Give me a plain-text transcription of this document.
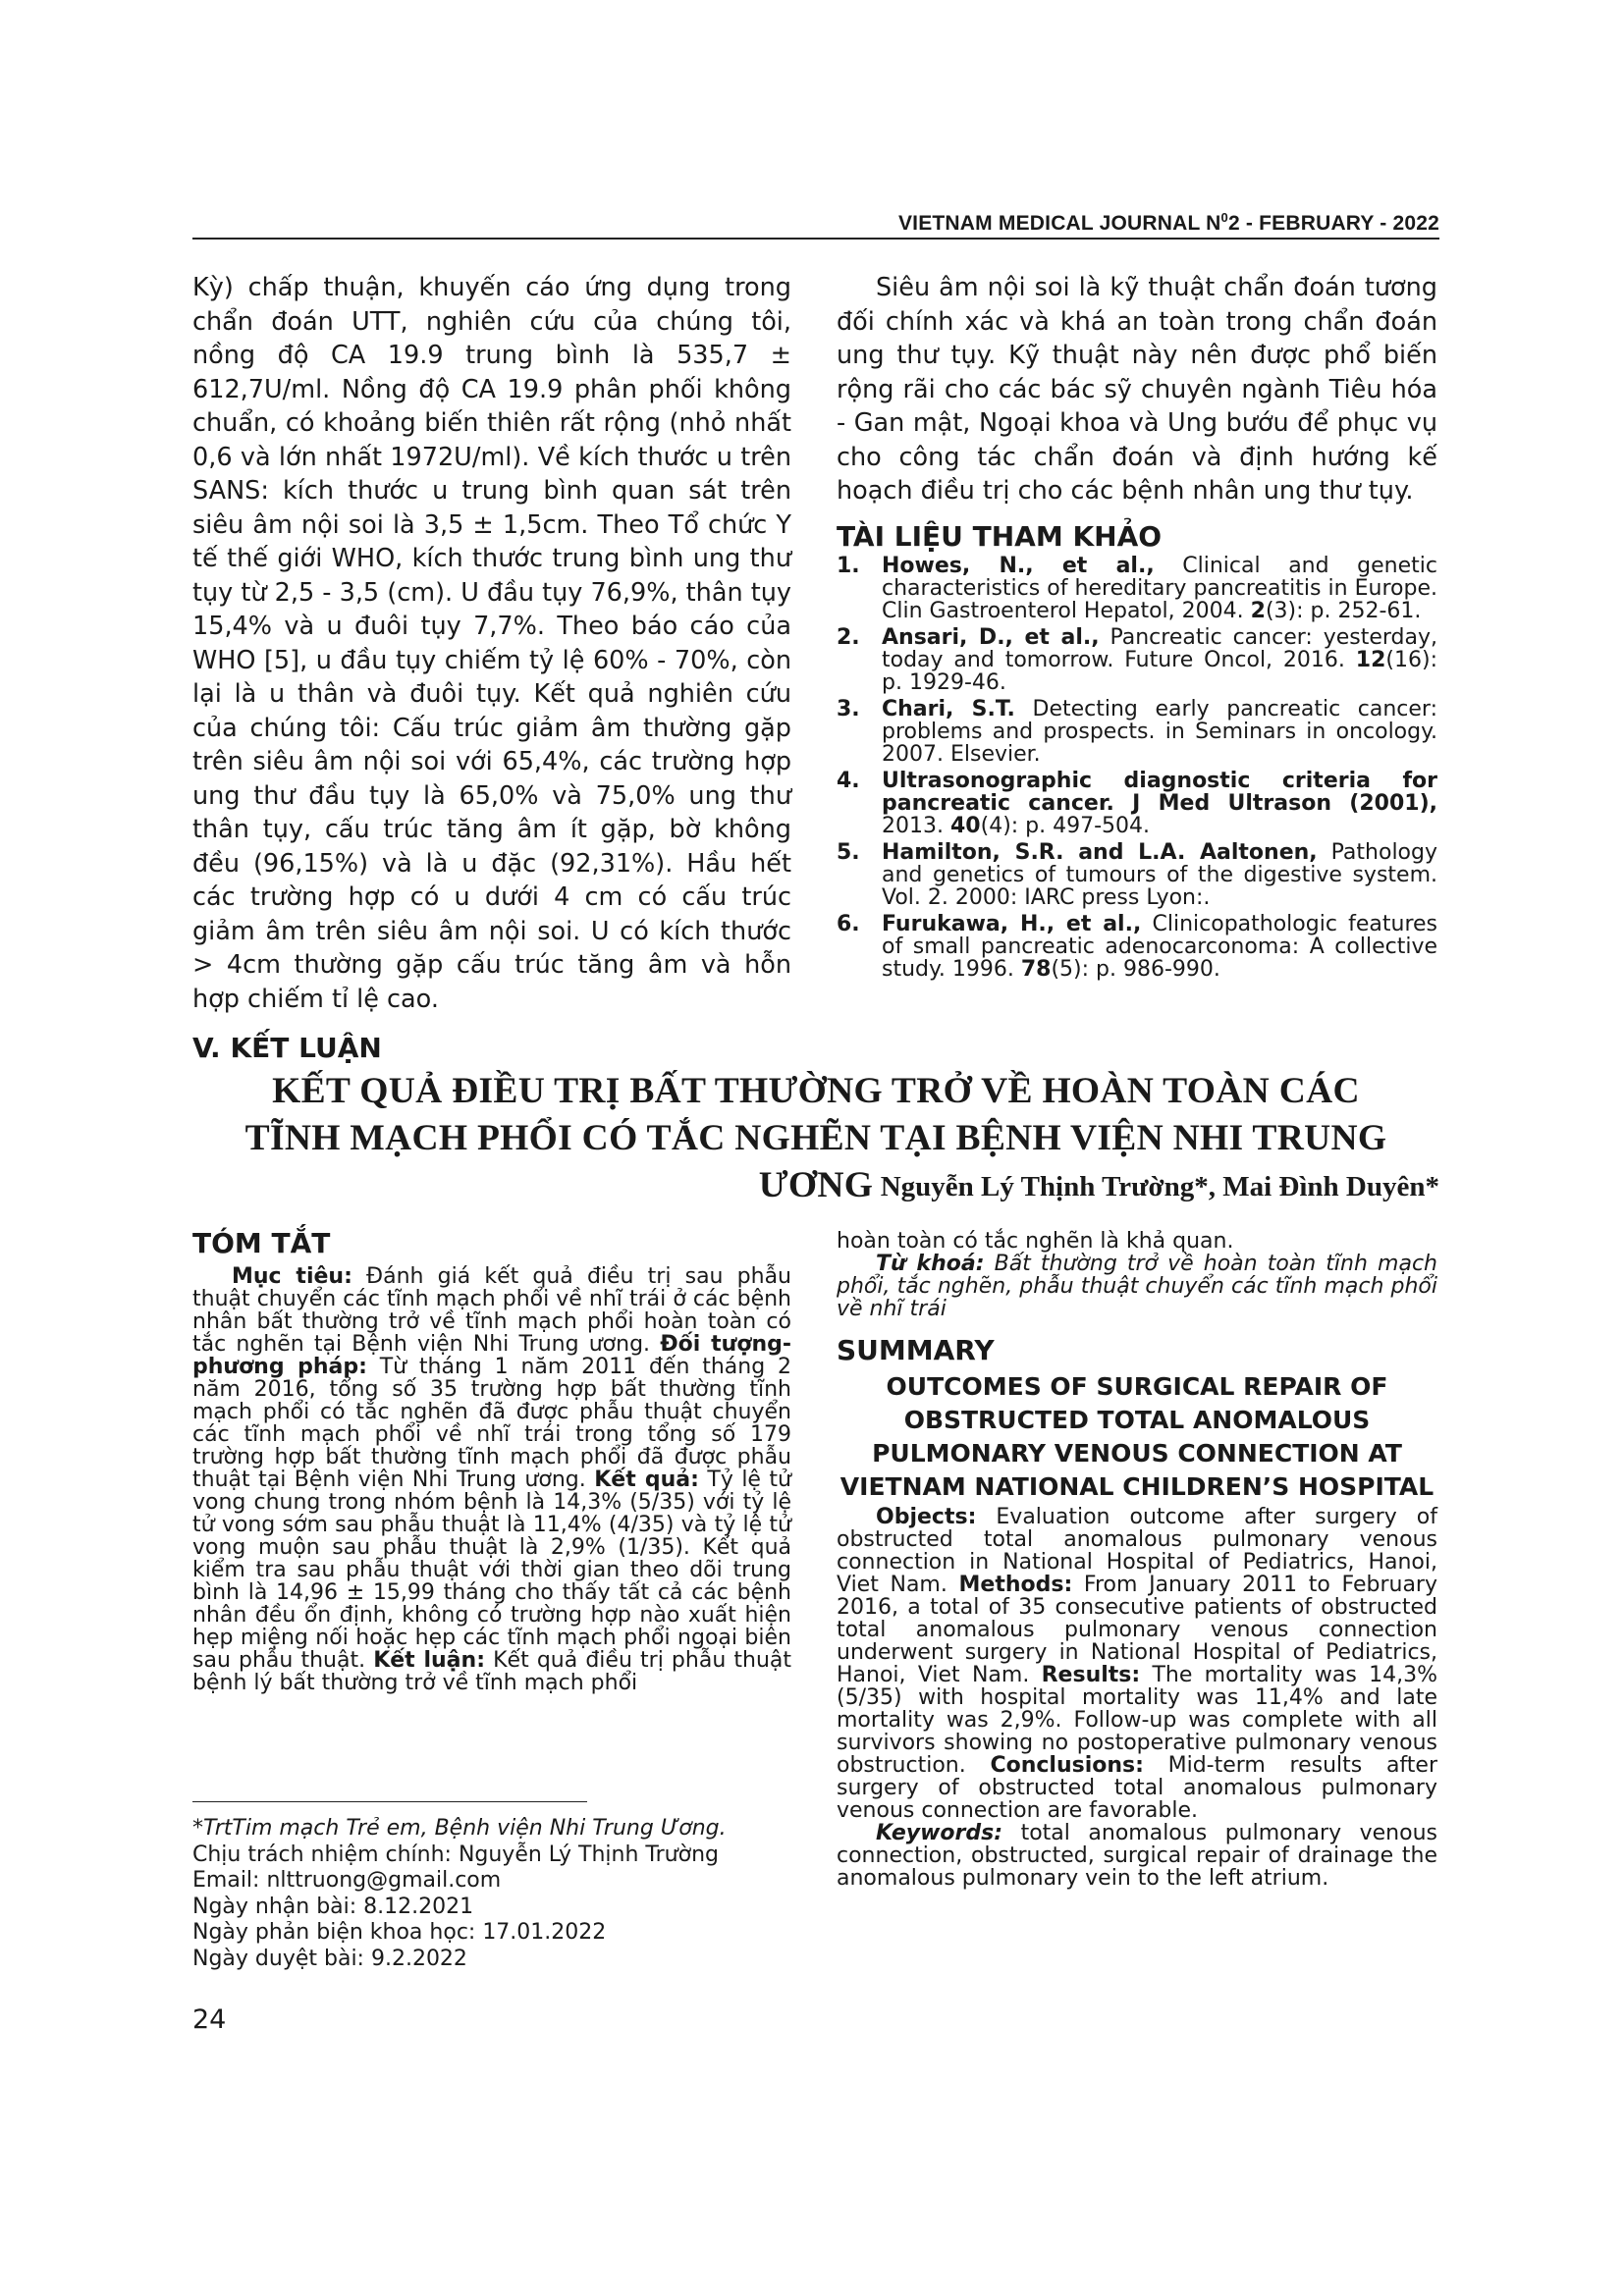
VIETNAM MEDICAL JOURNAL $N^02$ - FEBRUARY - 2022

Kỳ) chấp thuận, khuyến cáo ứng dụng trong chẩn đoán UTT, nghiên cứu của chúng tôi, nồng độ CA 19.9 trung bình là 535,7 ± 612,7U/ml. Nồng độ CA 19.9 phân phối không chuẩn, có khoảng biến thiên rất rộng (nhỏ nhất 0,6 và lớn nhất 1972U/ml). Về kích thước u trên SANS: kích thước u trung bình quan sát trên siêu âm nội soi là 3,5 ± 1,5cm. Theo Tổ chức Y tế thế giới WHO, kích thước trung bình ung thư tụy từ 2,5 - 3,5 (cm). U đầu tụy 76,9%, thân tụy 15,4% và u đuôi tụy 7,7%. Theo báo cáo của WHO [5], u đầu tụy chiếm tỷ lệ 60% - 70%, còn lại là u thân và đuôi tụy. Kết quả nghiên cứu của chúng tôi: Cấu trúc giảm âm thường gặp trên siêu âm nội soi với 65,4%, các trường hợp ung thư đầu tụy là 65,0% và 75,0% ung thư thân tụy, cấu trúc tăng âm ít gặp, bờ không đều (96,15%) và là u đặc (92,31%). Hầu hết các trường hợp có u dưới 4 cm có cấu trúc giảm âm trên siêu âm nội soi. U có kích thước > 4cm thường gặp cấu trúc tăng âm và hỗn hợp chiếm tỉ lệ cao.

V. KẾT LUẬN

Siêu âm nội soi là kỹ thuật chẩn đoán tương đối chính xác và khá an toàn trong chẩn đoán ung thư tụy. Kỹ thuật này nên được phổ biến rộng rãi cho các bác sỹ chuyên ngành Tiêu hóa - Gan mật, Ngoại khoa và Ung bướu để phục vụ cho công tác chẩn đoán và định hướng kế hoạch điều trị cho các bệnh nhân ung thư tụy.

TÀI LIỆU THAM KHẢO

1. Howes, N., et al., Clinical and genetic characteristics of hereditary pancreatitis in Europe. Clin Gastroenterol Hepatol, 2004. 2(3): p. 252-61.
2. Ansari, D., et al., Pancreatic cancer: yesterday, today and tomorrow. Future Oncol, 2016. 12(16): p. 1929-46.
3. Chari, S.T. Detecting early pancreatic cancer: problems and prospects. in Seminars in oncology. 2007. Elsevier.
4. Ultrasonographic diagnostic criteria for pancreatic cancer. J Med Ultrason (2001), 2013. 40(4): p. 497-504.
5. Hamilton, S.R. and L.A. Aaltonen, Pathology and genetics of tumours of the digestive system. Vol. 2. 2000: IARC press Lyon:.
6. Furukawa, H., et al., Clinicopathologic features of small pancreatic adenocarconoma: A collective study. 1996. 78(5): p. 986-990.
KẾT QUẢ ĐIỀU TRỊ BẤT THƯỜNG TRỞ VỀ HOÀN TOÀN CÁC
TĨNH MẠCH PHỔI CÓ TẮC NGHẼN TẠI BỆNH VIỆN NHI TRUNG ƯƠNG Nguyễn Lý Thịnh Trường*, Mai Đình Duyên*

TÓM TẮT

Mục tiêu: Đánh giá kết quả điều trị sau phẫu thuật chuyển các tĩnh mạch phổi về nhĩ trái ở các bệnh nhân bất thường trở về tĩnh mạch phổi hoàn toàn có tắc nghẽn tại Bệnh viện Nhi Trung ương. Đối tượng-phương pháp: Từ tháng 1 năm 2011 đến tháng 2 năm 2016, tổng số 35 trường hợp bất thường tĩnh mạch phổi có tắc nghẽn đã được phẫu thuật chuyển các tĩnh mạch phổi về nhĩ trái trong tổng số 179 trường hợp bất thường tĩnh mạch phổi đã được phẫu thuật tại Bệnh viện Nhi Trung ương. Kết quả: Tỷ lệ tử vong chung trong nhóm bệnh là 14,3% (5/35) với tỷ lệ tử vong sớm sau phẫu thuật là 11,4% (4/35) và tỷ lệ tử vong muộn sau phẫu thuật là 2,9% (1/35). Kết quả kiểm tra sau phẫu thuật với thời gian theo dõi trung bình là 14,96 ± 15,99 tháng cho thấy tất cả các bệnh nhân đều ổn định, không có trường hợp nào xuất hiện hẹp miệng nối hoặc hẹp các tĩnh mạch phổi ngoại biên sau phẫu thuật. Kết luận: Kết quả điều trị phẫu thuật bệnh lý bất thường trở về tĩnh mạch phổi

hoàn toàn có tắc nghẽn là khả quan.

Từ khoá: Bất thường trở về hoàn toàn tĩnh mạch phổi, tắc nghẽn, phẫu thuật chuyển các tĩnh mạch phổi về nhĩ trái

SUMMARY

OUTCOMES OF SURGICAL REPAIR OF

OBSTRUCTED TOTAL ANOMALOUS

PULMONARY VENOUS CONNECTION AT

VIETNAM NATIONAL CHILDREN’S HOSPITAL

Objects: Evaluation outcome after surgery of obstructed total anomalous pulmonary venous connection in National Hospital of Pediatrics, Hanoi, Viet Nam. Methods: From January 2011 to February 2016, a total of 35 consecutive patients of obstructed total anomalous pulmonary venous connection underwent surgery in National Hospital of Pediatrics, Hanoi, Viet Nam. Results: The mortality was 14,3% (5/35) with hospital mortality was 11,4% and late mortality was 2,9%. Follow-up was complete with all survivors showing no postoperative pulmonary venous obstruction. Conclusions: Mid-term results after surgery of obstructed total anomalous pulmonary venous connection are favorable.

Keywords: total anomalous pulmonary venous connection, obstructed, surgical repair of drainage the anomalous pulmonary vein to the left atrium.

*TrtTim mạch Trẻ em, Bệnh viện Nhi Trung Ương.
Chịu trách nhiệm chính: Nguyễn Lý Thịnh Trường
Email: nlttruong@gmail.com
Ngày nhận bài: 8.12.2021
Ngày phản biện khoa học: 17.01.2022
Ngày duyệt bài: 9.2.2022
24
